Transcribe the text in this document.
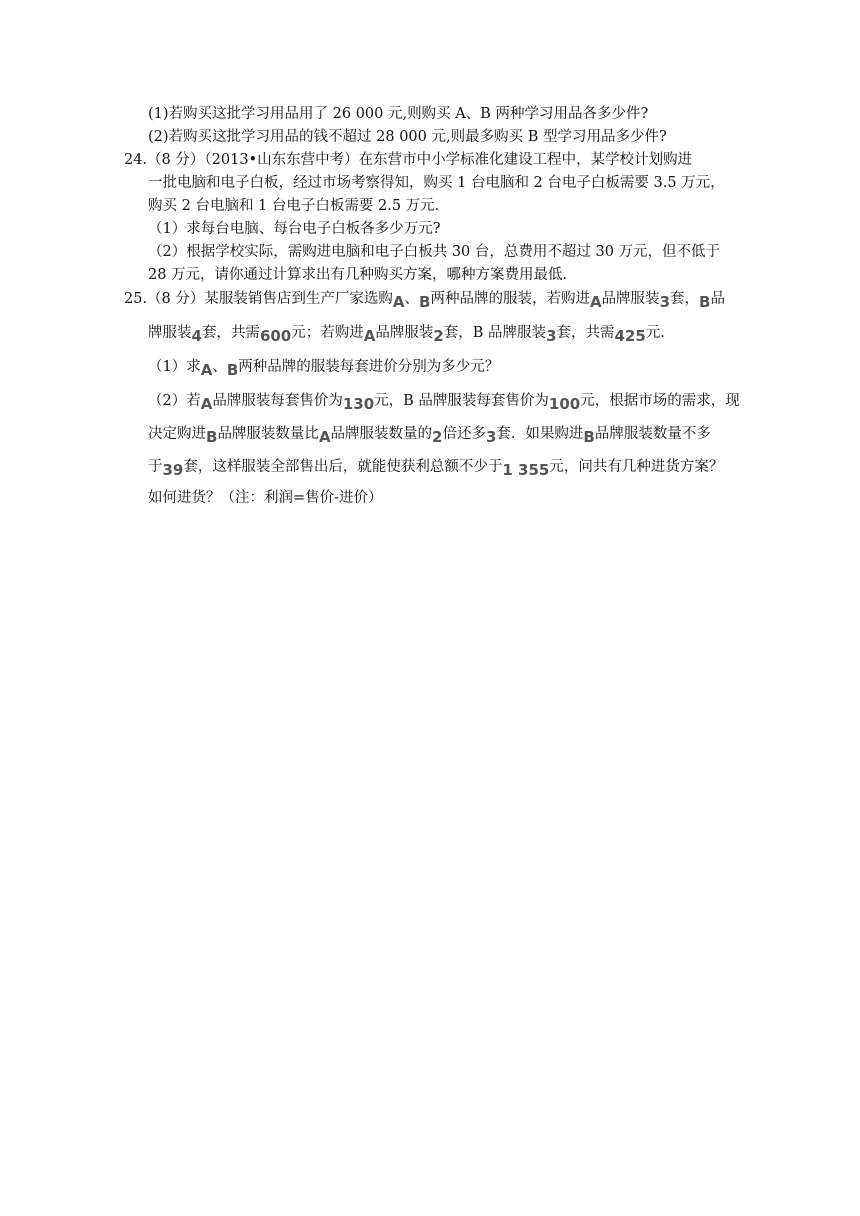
(1)若购买这批学习用品用了 26 000 元,则购买 A、B 两种学习用品各多少件?
(2)若购买这批学习用品的钱不超过 28 000 元,则最多购买 B 型学习用品多少件?
24.（8 分）（2013•山东东营中考）在东营市中小学标准化建设工程中，某学校计划购进
一批电脑和电子白板，经过市场考察得知，购买 1 台电脑和 2 台电子白板需要 3.5 万元，
购买 2 台电脑和 1 台电子白板需要 2.5 万元.
（1）求每台电脑、每台电子白板各多少万元?
（2）根据学校实际，需购进电脑和电子白板共 30 台，总费用不超过 30 万元，但不低于
28 万元，请你通过计算求出有几种购买方案，哪种方案费用最低.
25.（8 分）某服装销售店到生产厂家选购A、B两种品牌的服装，若购进A品牌服装3套，B品
牌服装4套，共需600元；若购进A品牌服装2套，B 品牌服装3套，共需425元.
（1）求A、B两种品牌的服装每套进价分别为多少元？
（2）若A品牌服装每套售价为130元，B 品牌服装每套售价为100元，根据市场的需求，现
决定购进B品牌服装数量比A品牌服装数量的2倍还多3套．如果购进B品牌服装数量不多
于39套，这样服装全部售出后，就能使获利总额不少于1 355元，问共有几种进货方案？
如何进货？（注：利润=售价-进价）
